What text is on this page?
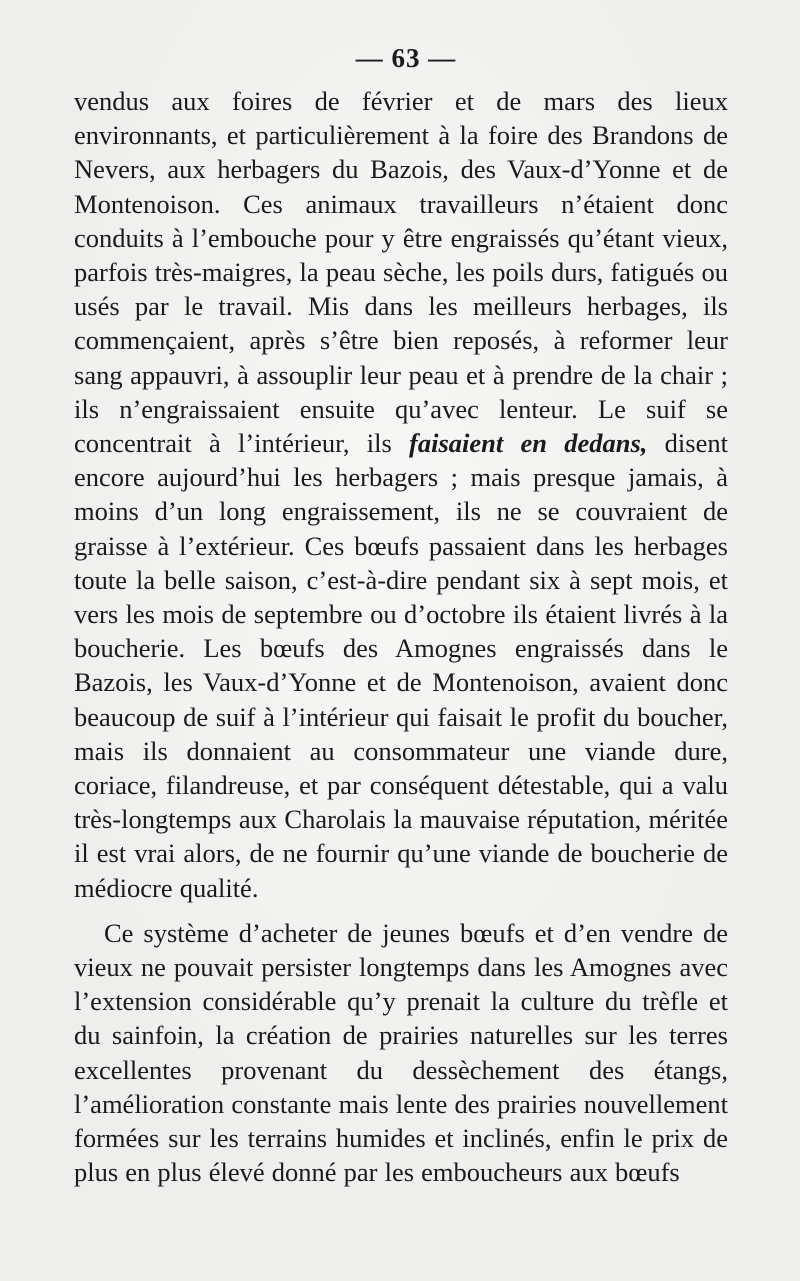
— 63 —

vendus aux foires de février et de mars des lieux environnants, et particulièrement à la foire des Brandons de Nevers, aux herbagers du Bazois, des Vaux-d’Yonne et de Montenoison. Ces animaux travailleurs n’étaient donc conduits à l’embouche pour y être engraissés qu’étant vieux, parfois très-maigres, la peau sèche, les poils durs, fatigués ou usés par le travail. Mis dans les meilleurs herbages, ils commençaient, après s’être bien reposés, à reformer leur sang appauvri, à assouplir leur peau et à prendre de la chair ; ils n’engraissaient ensuite qu’avec lenteur. Le suif se concentrait à l’intérieur, ils faisaient en dedans, disent encore aujourd’hui les herbagers ; mais presque jamais, à moins d’un long engraissement, ils ne se couvraient de graisse à l’extérieur. Ces bœufs passaient dans les herbages toute la belle saison, c’est-à-dire pendant six à sept mois, et vers les mois de septembre ou d’octobre ils étaient livrés à la boucherie. Les bœufs des Amognes engraissés dans le Bazois, les Vaux-d’Yonne et de Montenoison, avaient donc beaucoup de suif à l’intérieur qui faisait le profit du boucher, mais ils donnaient au consommateur une viande dure, coriace, filandreuse, et par conséquent détestable, qui a valu très-longtemps aux Charolais la mauvaise réputation, méritée il est vrai alors, de ne fournir qu’une viande de boucherie de médiocre qualité.

Ce système d’acheter de jeunes bœufs et d’en vendre de vieux ne pouvait persister longtemps dans les Amognes avec l’extension considérable qu’y prenait la culture du trèfle et du sainfoin, la création de prairies naturelles sur les terres excellentes provenant du dessèchement des étangs, l’amélioration constante mais lente des prairies nouvellement formées sur les terrains humides et inclinés, enfin le prix de plus en plus élevé donné par les emboucheurs aux bœufs
